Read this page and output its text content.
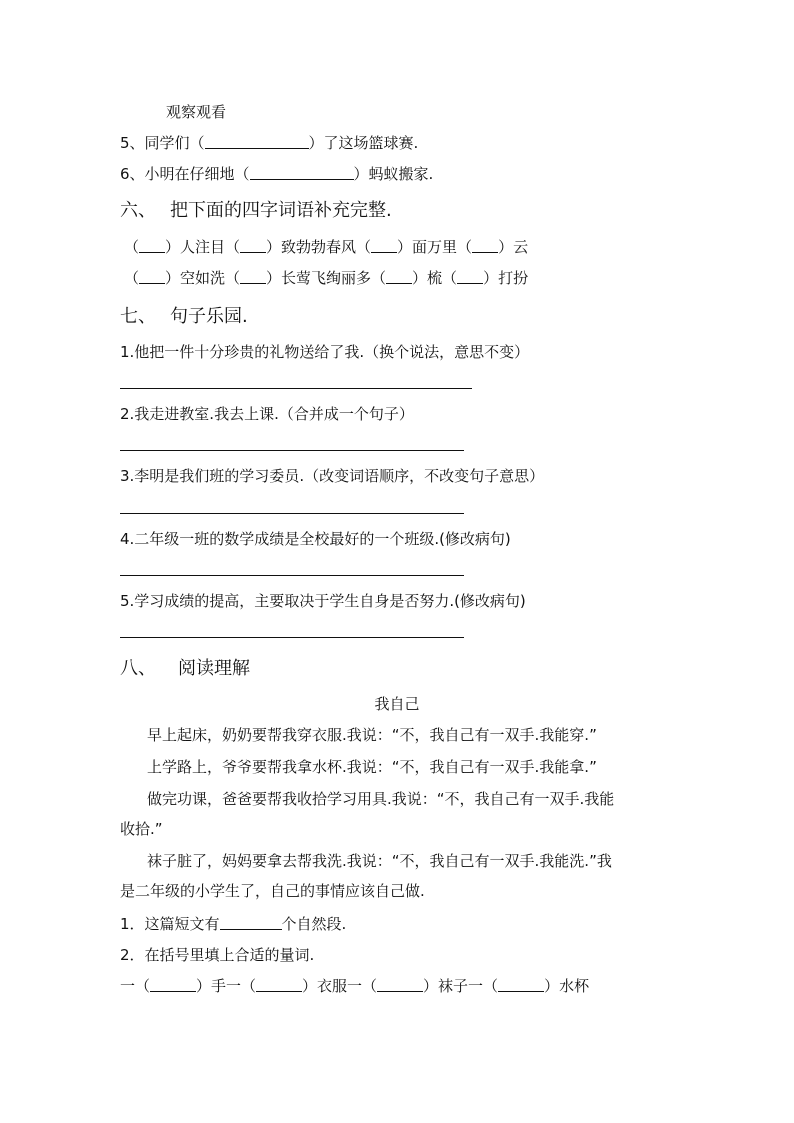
观察观看
5、同学们（	）了这场篮球赛.
6、小明在仔细地（	）蚂蚁搬家.
六、 把下面的四字词语补充完整.
（ ）人注目（ ）致勃勃春风（ ）面万里（ ）云
（ ）空如洗（ ）长莺飞绚丽多（ ）梳（ ）打扮
七、 句子乐园.
1.他把一件十分珍贵的礼物送给了我.（换个说法，意思不变）
2.我走进教室.我去上课.（合并成一个句子）
3.李明是我们班的学习委员.（改变词语顺序，不改变句子意思）
4.二年级一班的数学成绩是全校最好的一个班级.(修改病句)
5.学习成绩的提高，主要取决于学生自身是否努力.(修改病句)
八、 阅读理解
我自己
早上起床，奶奶要帮我穿衣服.我说：“不，我自己有一双手.我能穿.”
上学路上，爷爷要帮我拿水杯.我说：“不，我自己有一双手.我能拿.”
做完功课，爸爸要帮我收拾学习用具.我说：“不，我自己有一双手.我能
收拾.”
袜子脏了，妈妈要拿去帮我洗.我说：“不，我自己有一双手.我能洗.”我
是二年级的小学生了，自己的事情应该自己做.
1．这篇短文有	个自然段.
2．在括号里填上合适的量词.
一（	）手一（	）衣服一（	）袜子一（	）水杯
